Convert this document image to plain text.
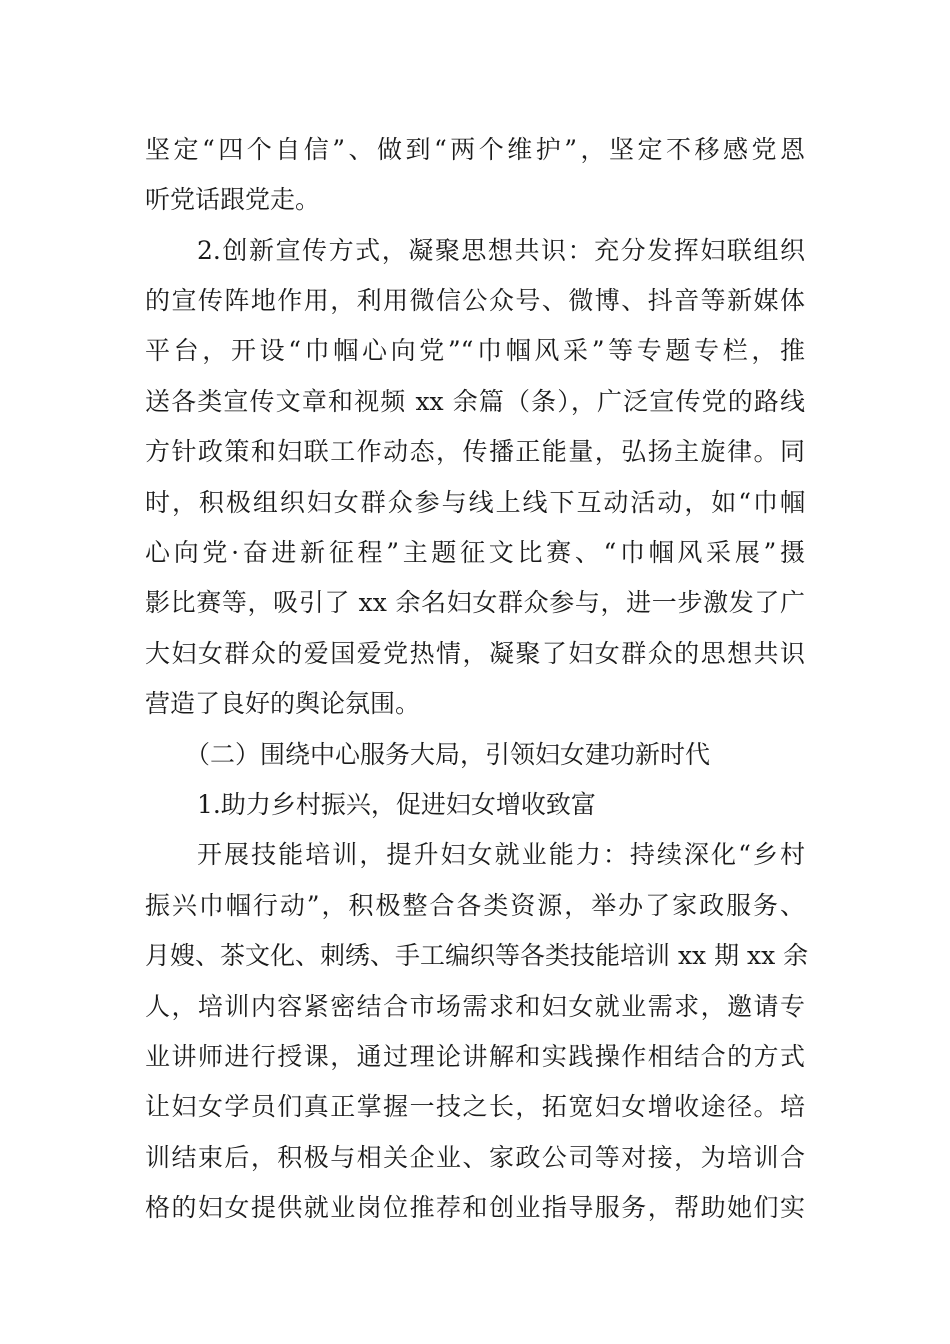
坚定“四个自信”、做到“两个维护”，坚定不移感党恩
听党话跟党走。
2.创新宣传方式，凝聚思想共识：充分发挥妇联组织
的宣传阵地作用，利用微信公众号、微博、抖音等新媒体
平台，开设“巾帼心向党”“巾帼风采”等专题专栏，推
送各类宣传文章和视频 xx 余篇（条），广泛宣传党的路线
方针政策和妇联工作动态，传播正能量，弘扬主旋律。同
时，积极组织妇女群众参与线上线下互动活动，如“巾帼
心向党·奋进新征程”主题征文比赛、“巾帼风采展”摄
影比赛等，吸引了 xx 余名妇女群众参与，进一步激发了广
大妇女群众的爱国爱党热情，凝聚了妇女群众的思想共识
营造了良好的舆论氛围。
（二）围绕中心服务大局，引领妇女建功新时代
1.助力乡村振兴，促进妇女增收致富
开展技能培训，提升妇女就业能力：持续深化“乡村
振兴巾帼行动”，积极整合各类资源，举办了家政服务、
月嫂、茶文化、刺绣、手工编织等各类技能培训 xx 期 xx 余
人，培训内容紧密结合市场需求和妇女就业需求，邀请专
业讲师进行授课，通过理论讲解和实践操作相结合的方式
让妇女学员们真正掌握一技之长，拓宽妇女增收途径。培
训结束后，积极与相关企业、家政公司等对接，为培训合
格的妇女提供就业岗位推荐和创业指导服务，帮助她们实
